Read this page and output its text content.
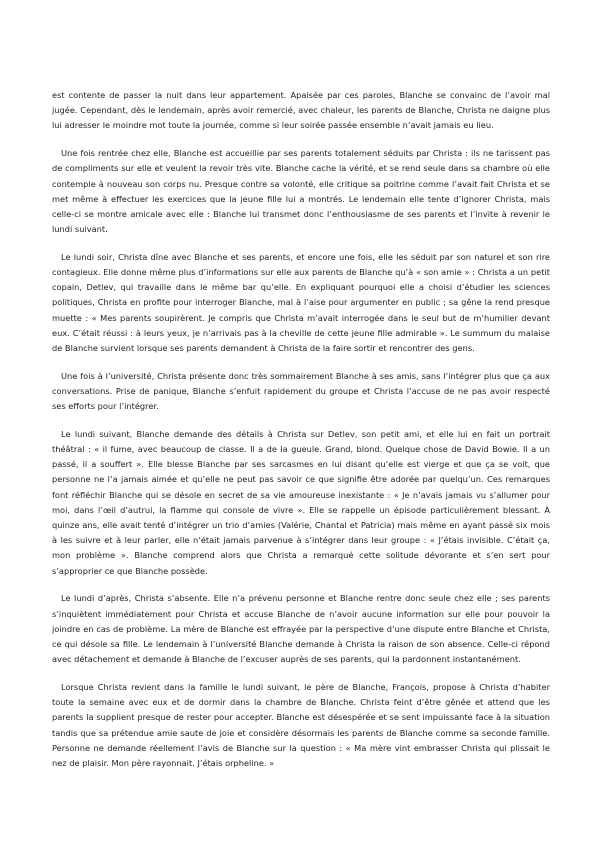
est contente de passer la nuit dans leur appartement. Apaisée par ces paroles, Blanche se convainc de l’avoir mal jugée. Cependant, dès le lendemain, après avoir remercié, avec chaleur, les parents de Blanche, Christa ne daigne plus lui adresser le moindre mot toute la journée, comme si leur soirée passée ensemble n’avait jamais eu lieu.

Une fois rentrée chez elle, Blanche est accueillie par ses parents totalement séduits par Christa : ils ne tarissent pas de compliments sur elle et veulent la revoir très vite. Blanche cache la vérité, et se rend seule dans sa chambre où elle contemple à nouveau son corps nu. Presque contre sa volonté, elle critique sa poitrine comme l’avait fait Christa et se met même à effectuer les exercices que la jeune fille lui a montrés. Le lendemain elle tente d’ignorer Christa, mais celle-ci se montre amicale avec elle : Blanche lui transmet donc l’enthousiasme de ses parents et l’invite à revenir le lundi suivant.

Le lundi soir, Christa dîne avec Blanche et ses parents, et encore une fois, elle les séduit par son naturel et son rire contagieux. Elle donne même plus d’informations sur elle aux parents de Blanche qu’à « son amie » : Christa a un petit copain, Detlev, qui travaille dans le même bar qu’elle. En expliquant pourquoi elle a choisi d’étudier les sciences politiques, Christa en profite pour interroger Blanche, mal à l’aise pour argumenter en public ; sa gêne la rend presque muette : « Mes parents soupirèrent. Je compris que Christa m’avait interrogée dans le seul but de m’humilier devant eux. C’était réussi : à leurs yeux, je n’arrivais pas à la cheville de cette jeune fille admirable ». Le summum du malaise de Blanche survient lorsque ses parents demandent à Christa de la faire sortir et rencontrer des gens.

Une fois à l’université, Christa présente donc très sommairement Blanche à ses amis, sans l’intégrer plus que ça aux conversations. Prise de panique, Blanche s’enfuit rapidement du groupe et Christa l’accuse de ne pas avoir respecté ses efforts pour l’intégrer.

Le lundi suivant, Blanche demande des détails à Christa sur Detlev, son petit ami, et elle lui en fait un portrait théâtral : « il fume, avec beaucoup de classe. Il a de la gueule. Grand, blond. Quelque chose de David Bowie. Il a un passé, il a souffert ». Elle blesse Blanche par ses sarcasmes en lui disant qu’elle est vierge et que ça se voit, que personne ne l’a jamais aimée et qu’elle ne peut pas savoir ce que signifie être adorée par quelqu’un. Ces remarques font réfléchir Blanche qui se désole en secret de sa vie amoureuse inexistante : « Je n’avais jamais vu s’allumer pour moi, dans l’œil d’autrui, la flamme qui console de vivre ». Elle se rappelle un épisode particulièrement blessant. À quinze ans, elle avait tenté d’intégrer un trio d’amies (Valérie, Chantal et Patricia) mais même en ayant passé six mois à les suivre et à leur parler, elle n’était jamais parvenue à s’intégrer dans leur groupe : « J’étais invisible. C’était ça, mon problème ». Blanche comprend alors que Christa a remarqué cette solitude dévorante et s’en sert pour s’approprier ce que Blanche possède.

Le lundi d’après, Christa s’absente. Elle n’a prévenu personne et Blanche rentre donc seule chez elle ; ses parents s’inquiètent immédiatement pour Christa et accuse Blanche de n’avoir aucune information sur elle pour pouvoir la joindre en cas de problème. La mère de Blanche est effrayée par la perspective d’une dispute entre Blanche et Christa, ce qui désole sa fille. Le lendemain à l’université Blanche demande à Christa la raison de son absence. Celle-ci répond avec détachement et demande à Blanche de l’excuser auprès de ses parents, qui la pardonnent instantanément.

Lorsque Christa revient dans la famille le lundi suivant, le père de Blanche, François, propose à Christa d’habiter toute la semaine avec eux et de dormir dans la chambre de Blanche. Christa feint d’être gênée et attend que les parents la supplient presque de rester pour accepter. Blanche est désespérée et se sent impuissante face à la situation tandis que sa prétendue amie saute de joie et considère désormais les parents de Blanche comme sa seconde famille. Personne ne demande réellement l’avis de Blanche sur la question : « Ma mère vint embrasser Christa qui plissait le nez de plaisir. Mon père rayonnait. J’étais orpheline. »
